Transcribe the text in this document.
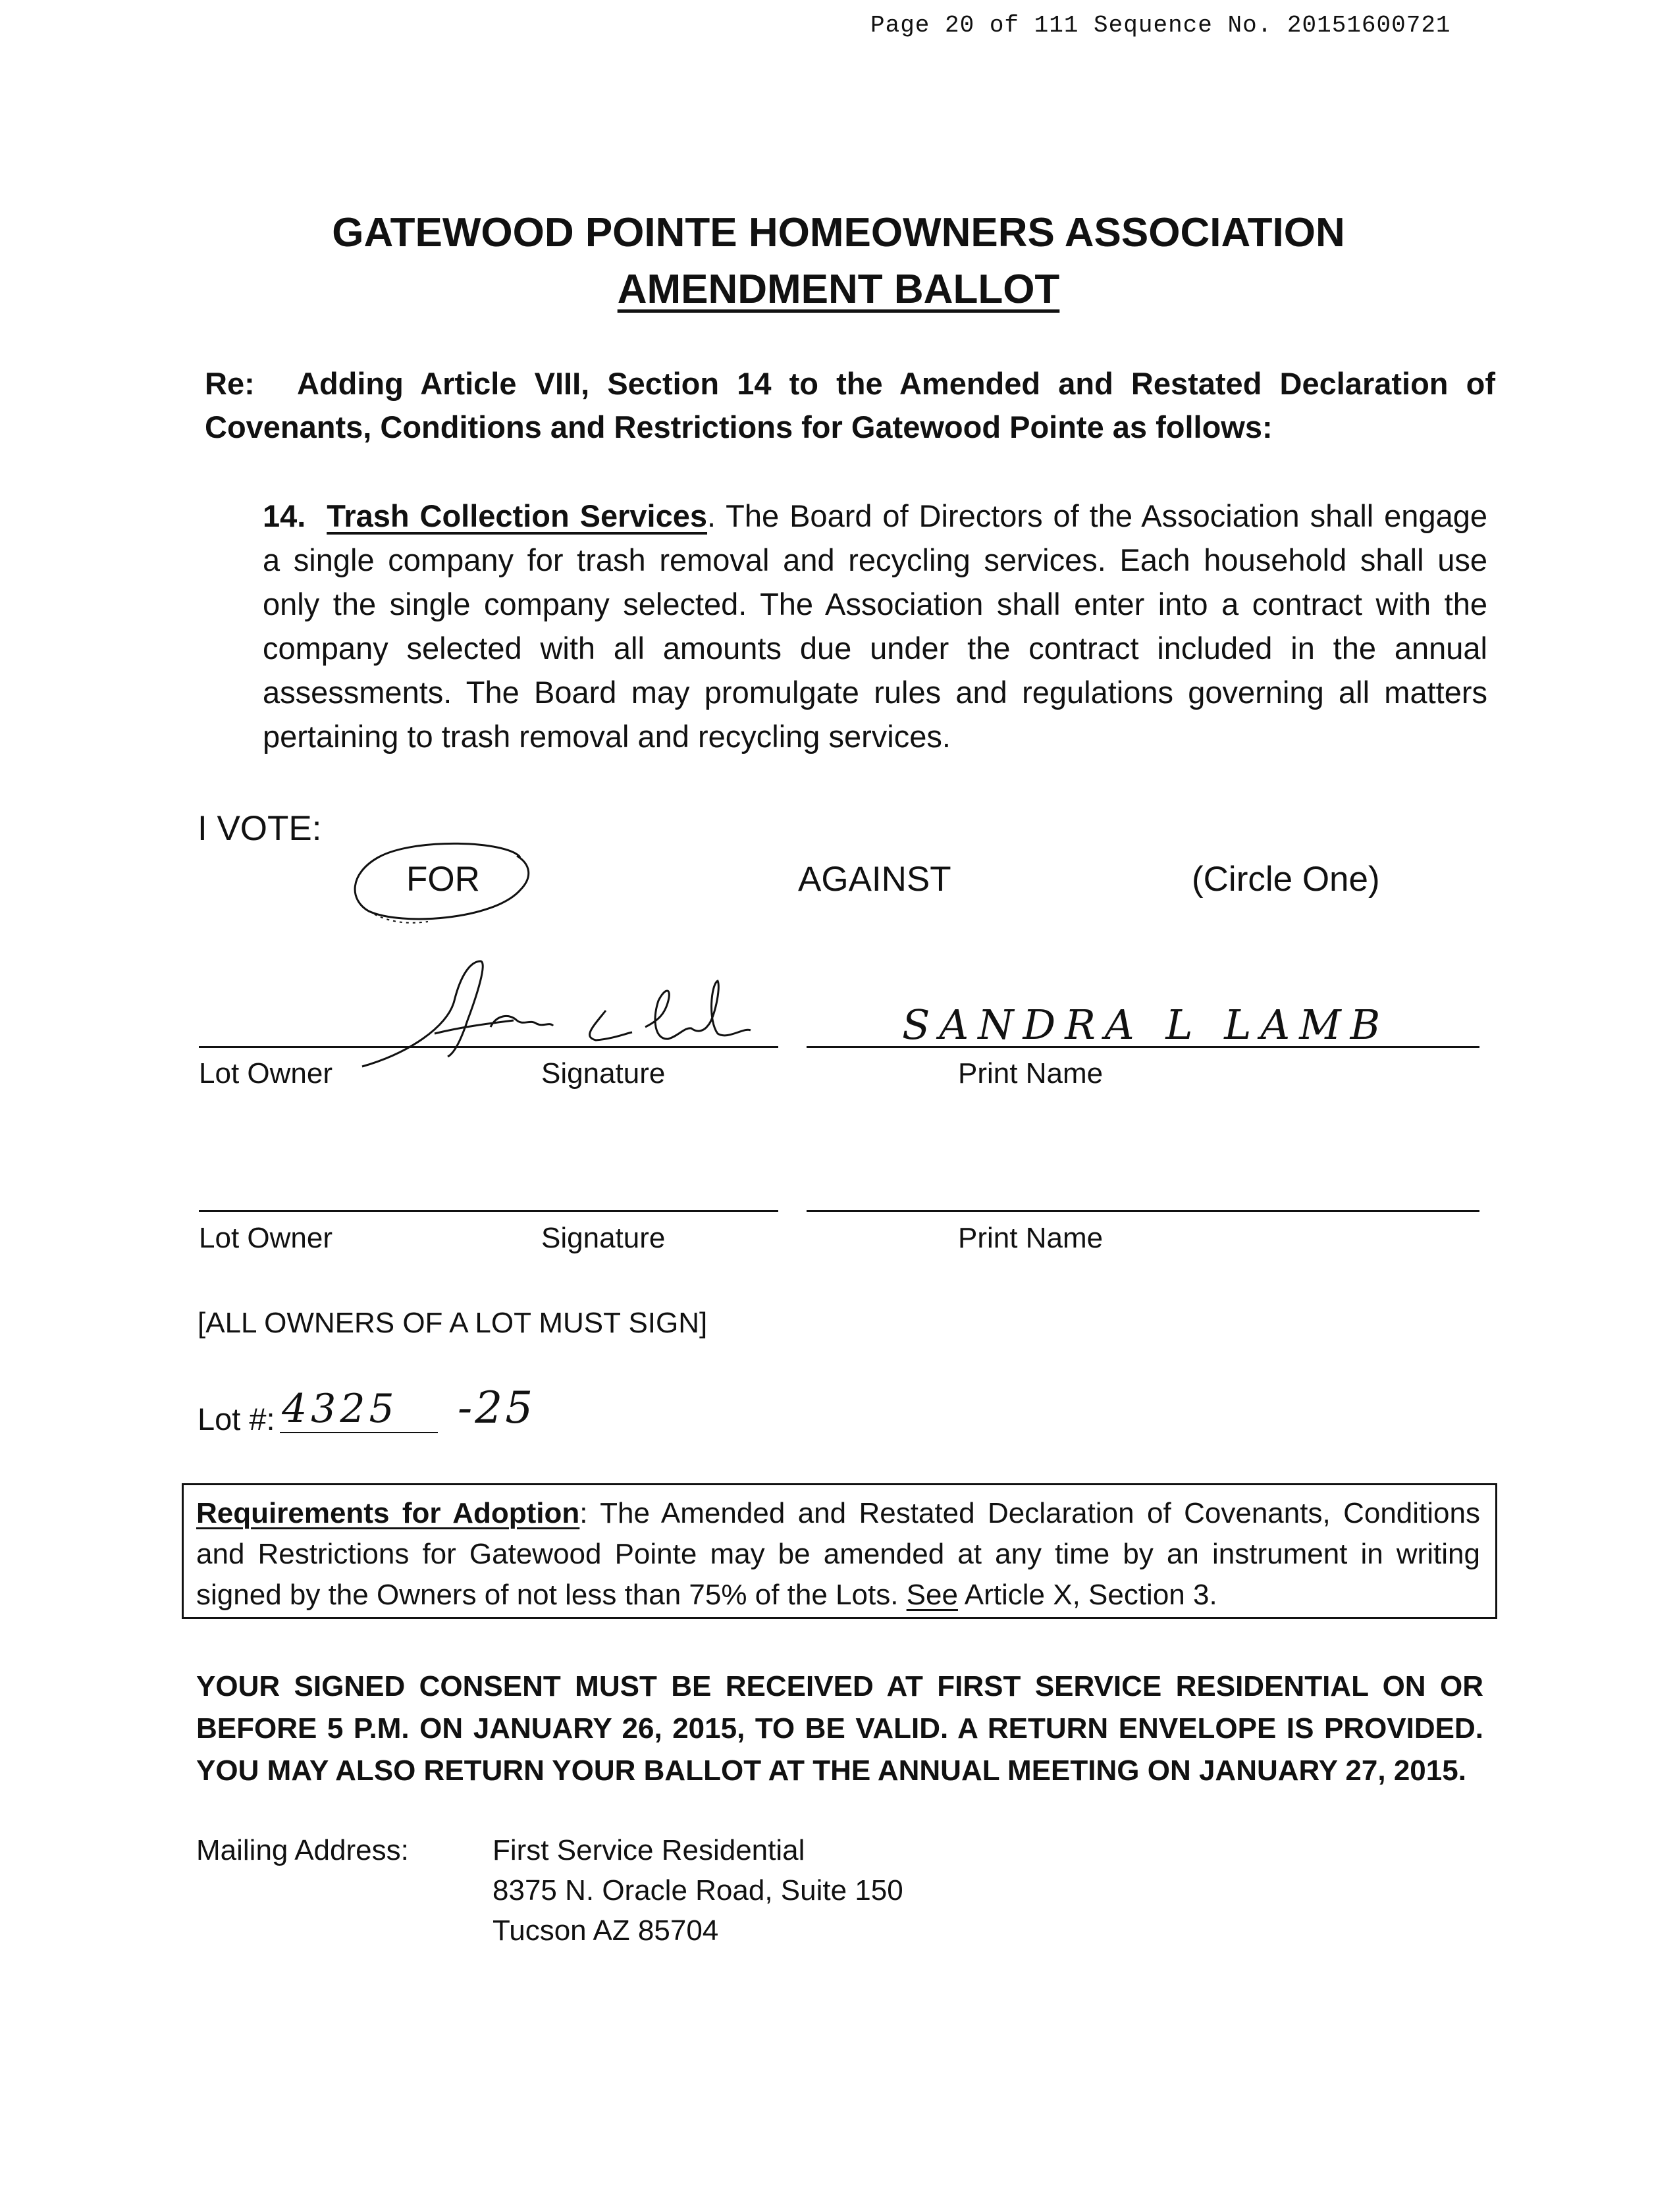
Page 20 of 111 Sequence No. 20151600721
GATEWOOD POINTE HOMEOWNERS ASSOCIATION
AMENDMENT BALLOT
Re: Adding Article VIII, Section 14 to the Amended and Restated Declaration of Covenants, Conditions and Restrictions for Gatewood Pointe as follows:
14. Trash Collection Services. The Board of Directors of the Association shall engage a single company for trash removal and recycling services. Each household shall use only the single company selected. The Association shall enter into a contract with the company selected with all amounts due under the contract included in the annual assessments. The Board may promulgate rules and regulations governing all matters pertaining to trash removal and recycling services.
I VOTE:
FOR	AGAINST	(Circle One)
SANDRA L LAMB
Lot Owner	Signature	Print Name
Lot Owner	Signature	Print Name
[ALL OWNERS OF A LOT MUST SIGN]
Lot #: 4325 -25
Requirements for Adoption: The Amended and Restated Declaration of Covenants, Conditions and Restrictions for Gatewood Pointe may be amended at any time by an instrument in writing signed by the Owners of not less than 75% of the Lots. See Article X, Section 3.
YOUR SIGNED CONSENT MUST BE RECEIVED AT FIRST SERVICE RESIDENTIAL ON OR BEFORE 5 P.M. ON JANUARY 26, 2015, TO BE VALID. A RETURN ENVELOPE IS PROVIDED. YOU MAY ALSO RETURN YOUR BALLOT AT THE ANNUAL MEETING ON JANUARY 27, 2015.
Mailing Address:	First Service Residential
8375 N. Oracle Road, Suite 150
Tucson AZ 85704
